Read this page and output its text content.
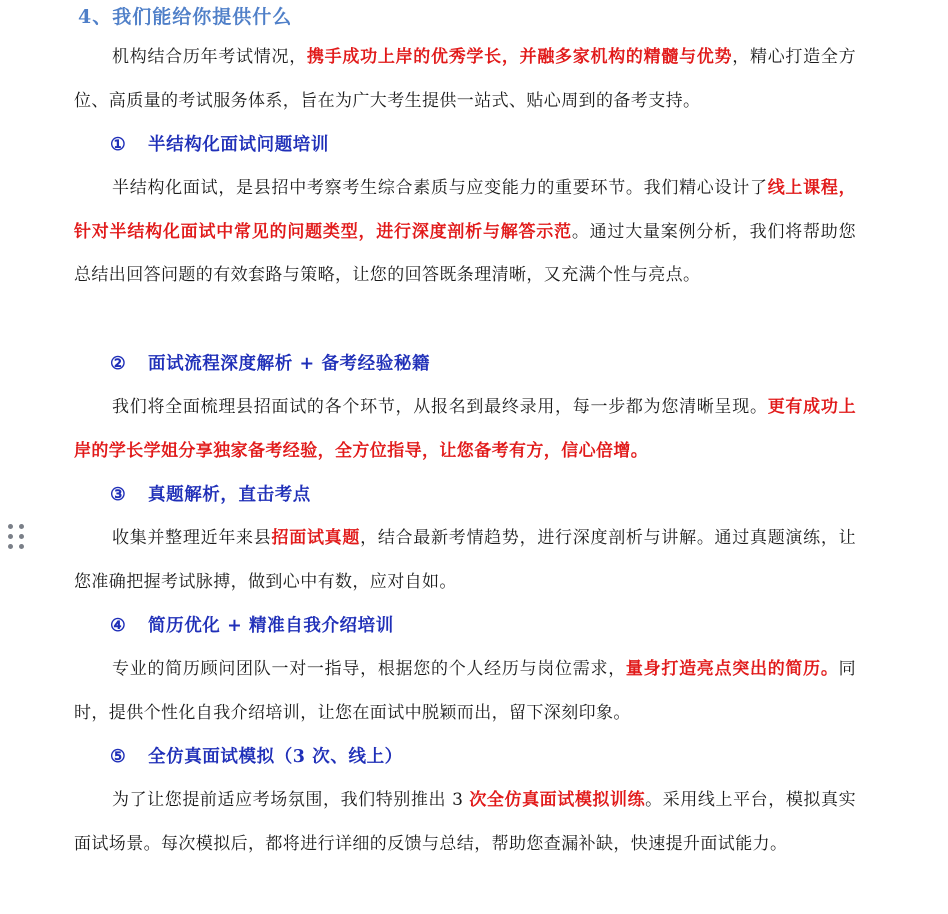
4、我们能给你提供什么
机构结合历年考试情况，携手成功上岸的优秀学长，并融多家机构的精髓与优势，精心打造全方位、高质量的考试服务体系，旨在为广大考生提供一站式、贴心周到的备考支持。
① 半结构化面试问题培训
半结构化面试，是县招中考察考生综合素质与应变能力的重要环节。我们精心设计了线上课程，针对半结构化面试中常见的问题类型，进行深度剖析与解答示范。通过大量案例分析，我们将帮助您总结出回答问题的有效套路与策略，让您的回答既条理清晰，又充满个性与亮点。
② 面试流程深度解析 + 备考经验秘籍
我们将全面梳理县招面试的各个环节，从报名到最终录用，每一步都为您清晰呈现。更有成功上岸的学长学姐分享独家备考经验，全方位指导，让您备考有方，信心倍增。
③ 真题解析，直击考点
收集并整理近年来县招面试真题，结合最新考情趋势，进行深度剖析与讲解。通过真题演练，让您准确把握考试脉搏，做到心中有数，应对自如。
④ 简历优化 + 精准自我介绍培训
专业的简历顾问团队一对一指导，根据您的个人经历与岗位需求，量身打造亮点突出的简历。同时，提供个性化自我介绍培训，让您在面试中脱颖而出，留下深刻印象。
⑤ 全仿真面试模拟（3 次、线上）
为了让您提前适应考场氛围，我们特别推出 3 次全仿真面试模拟训练。采用线上平台，模拟真实面试场景。每次模拟后，都将进行详细的反馈与总结，帮助您查漏补缺，快速提升面试能力。
